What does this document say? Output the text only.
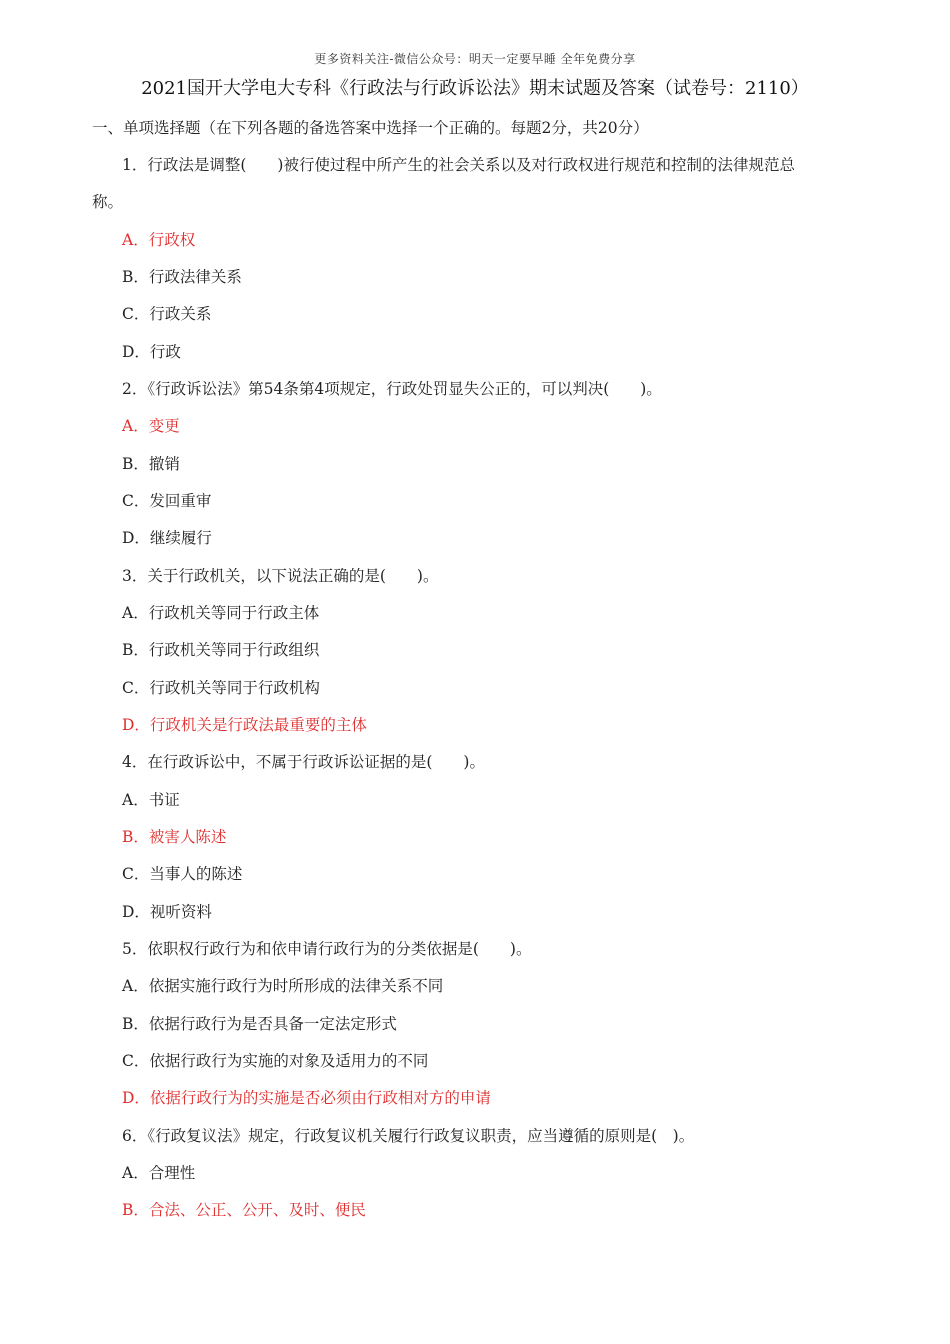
更多资料关注-微信公众号：明天一定要早睡 全年免费分享
2021国开大学电大专科《行政法与行政诉讼法》期末试题及答案（试卷号：2110）
一、单项选择题（在下列各题的备选答案中选择一个正确的。每题2分，共20分）
1．行政法是调整(　　)被行使过程中所产生的社会关系以及对行政权进行规范和控制的法律规范总
称。
A．行政权
B．行政法律关系
C．行政关系
D．行政
2．《行政诉讼法》第54条第4项规定，行政处罚显失公正的，可以判决(　　)。
A．变更
B．撤销
C．发回重审
D．继续履行
3．关于行政机关，以下说法正确的是(　　)。
A．行政机关等同于行政主体
B．行政机关等同于行政组织
C．行政机关等同于行政机构
D．行政机关是行政法最重要的主体
4．在行政诉讼中，不属于行政诉讼证据的是(　　)。
A．书证
B．被害人陈述
C．当事人的陈述
D．视听资料
5．依职权行政行为和依申请行政行为的分类依据是(　　)。
A．依据实施行政行为时所形成的法律关系不同
B．依据行政行为是否具备一定法定形式
C．依据行政行为实施的对象及适用力的不同
D．依据行政行为的实施是否必须由行政相对方的申请
6．《行政复议法》规定，行政复议机关履行行政复议职责，应当遵循的原则是(　)。
A．合理性
B．合法、公正、公开、及时、便民
